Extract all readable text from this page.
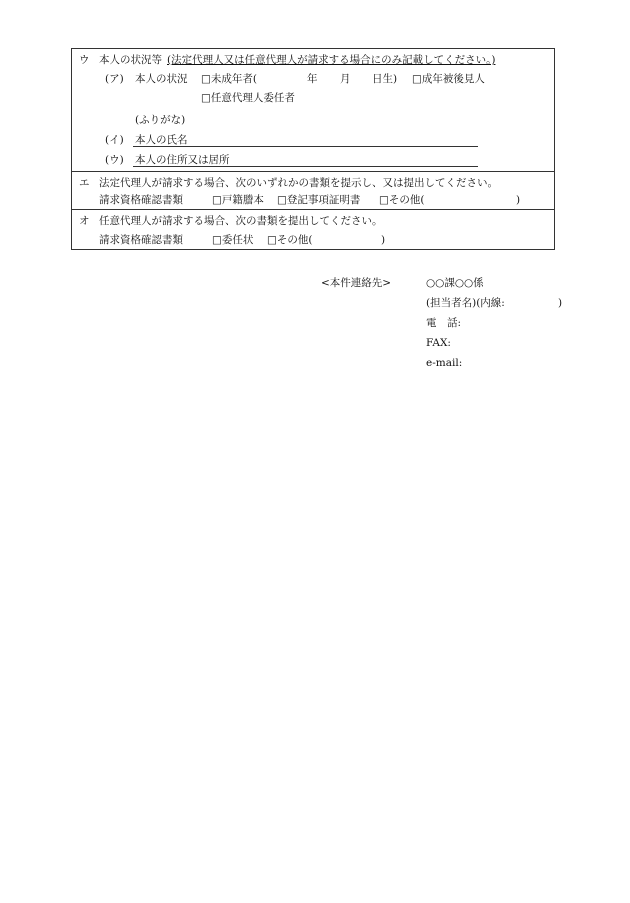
ウ 本人の状況等 (法定代理人又は任意代理人が請求する場合にのみ記載してください。)
(ア) 本人の状況 □未成年者(	年 月 日生) □成年被後見人
□任意代理人委任者
(ふりがな)
(イ) 本人の氏名
(ウ) 本人の住所又は居所
エ 法定代理人が請求する場合、次のいずれかの書類を提示し、又は提出してください。
請求資格確認書類	□戸籍謄本 □登記事項証明書 □その他(	)
オ 任意代理人が請求する場合、次の書類を提出してください。
請求資格確認書類	□委任状 □その他(	)
<本件連絡先>	○○課○○係
(担当者名)(内線:	)
電　話:
FAX:
e-mail:
